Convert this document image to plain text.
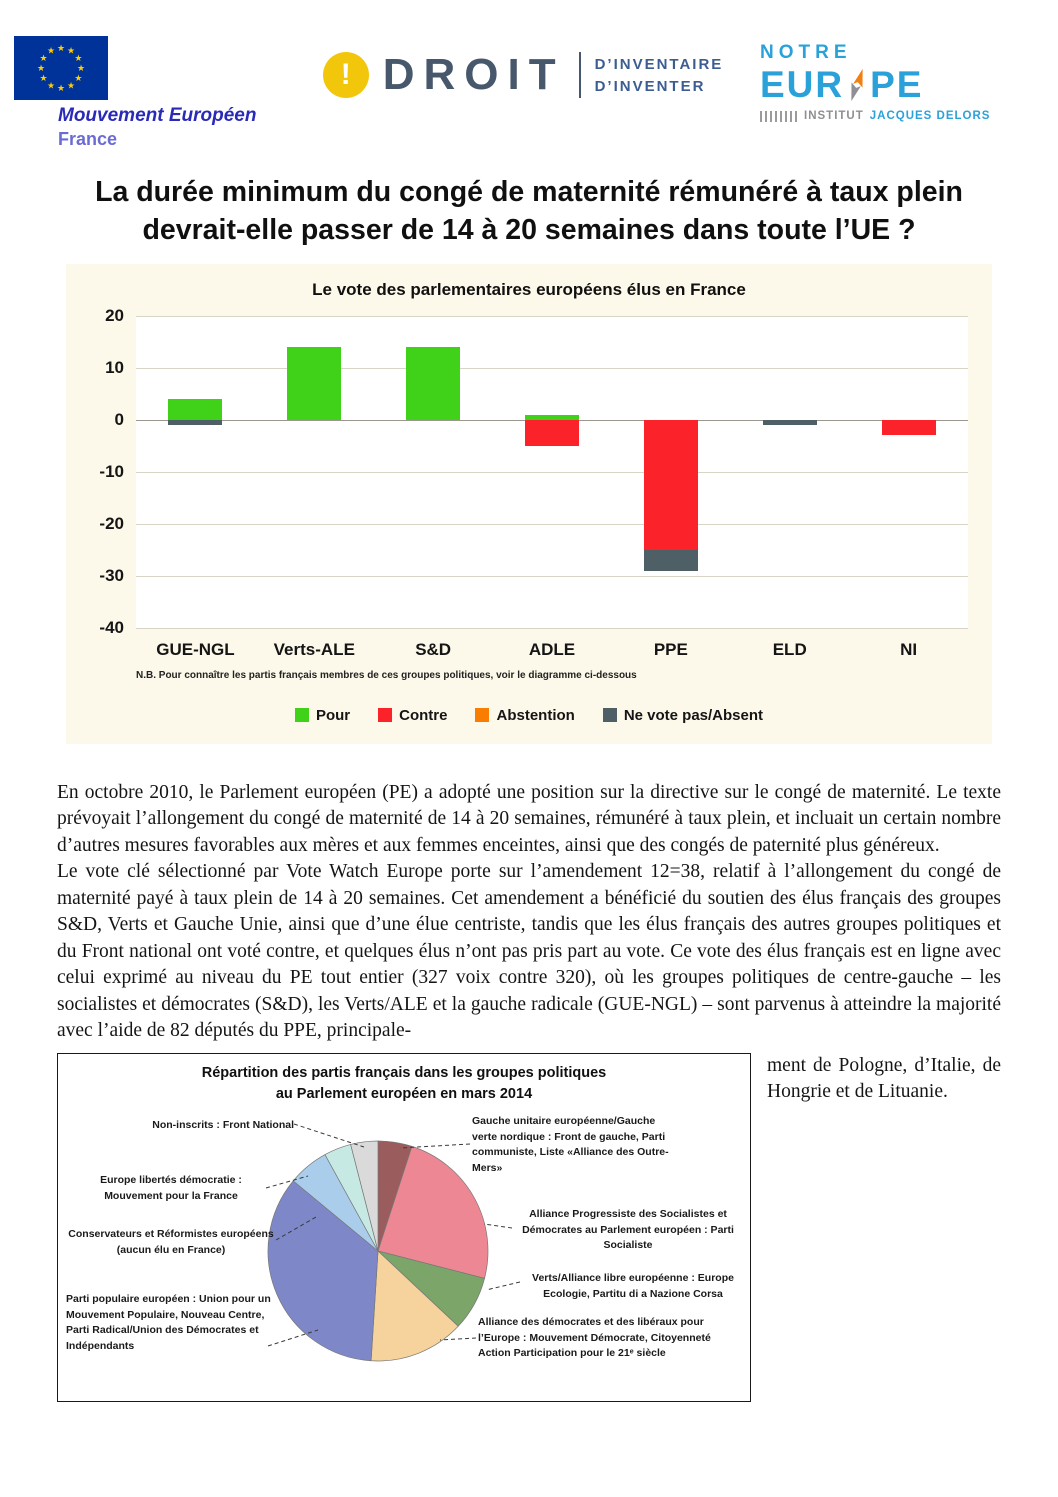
★ ★
★
★
★
★
★
★
★
★
★
★
Mouvement Européen
France
! DROIT D’INVENTAIRE
D’INVENTER
NOTRE
EUR PE
INSTITUT JACQUES DELORS
La durée minimum du congé de maternité rémunéré à taux plein
devrait-elle passer de 14 à 20 semaines dans toute l’UE ?
Le vote des parlementaires européens élus en France
20
10
0
-10
-20
-30
-40
GUE-NGL	Verts-ALE	S&D	ADLE	PPE	ELD	NI
N.B. Pour connaître les partis français membres de ces groupes politiques, voir le diagramme ci-dessous
Pour	Contre	Abstention	Ne vote pas/Absent

En octobre 2010, le Parlement européen (PE) a adopté une position sur la directive sur le congé de maternité. Le texte prévoyait l’allongement du congé de maternité de 14 à 20 semaines, rémunéré à taux plein, et incluait un certain nombre d’autres mesures favorables aux mères et aux femmes enceintes, ainsi que des congés de paternité plus généreux.

Le vote clé sélectionné par Vote Watch Europe porte sur l’amendement 12=38, relatif à l’allongement du congé de maternité payé à taux plein de 14 à 20 semaines. Cet amendement a bénéficié du soutien des élus français des groupes S&D, Verts et Gauche Unie, ainsi que d’une élue centriste, tandis que les élus français des autres groupes politiques et du Front national ont voté contre, et quelques élus n’ont pas pris part au vote. Ce vote des élus français est en ligne avec celui exprimé au niveau du PE tout entier (327 voix contre 320), où les groupes politiques de centre-gauche – les socialistes et démocrates (S&D), les Verts/ALE et la gauche radicale (GUE-NGL) – sont parvenus à atteindre la majorité avec l’aide de 82 députés du PPE, principale-

Répartition des partis français dans les groupes politiques
au Parlement européen en mars 2014
Non-inscrits : Front National
Europe libertés démocratie : Mouvement pour la France
Conservateurs et Réformistes européens (aucun élu en France)
Parti populaire européen : Union pour un Mouvement Populaire, Nouveau Centre, Parti Radical/Union des Démocrates et Indépendants
Gauche unitaire européenne/Gauche verte nordique : Front de gauche, Parti communiste, Liste «Alliance des Outre-Mers»
Alliance Progressiste des Socialistes et Démocrates au Parlement européen : Parti Socialiste
Verts/Alliance libre européenne : Europe Ecologie, Partitu di a Nazione Corsa
Alliance des démocrates et des libéraux pour l’Europe : Mouvement Démocrate, Citoyenneté Action Participation pour le 21ᵉ siècle

ment de Pologne, d’Italie, de Hongrie et de Lituanie.
